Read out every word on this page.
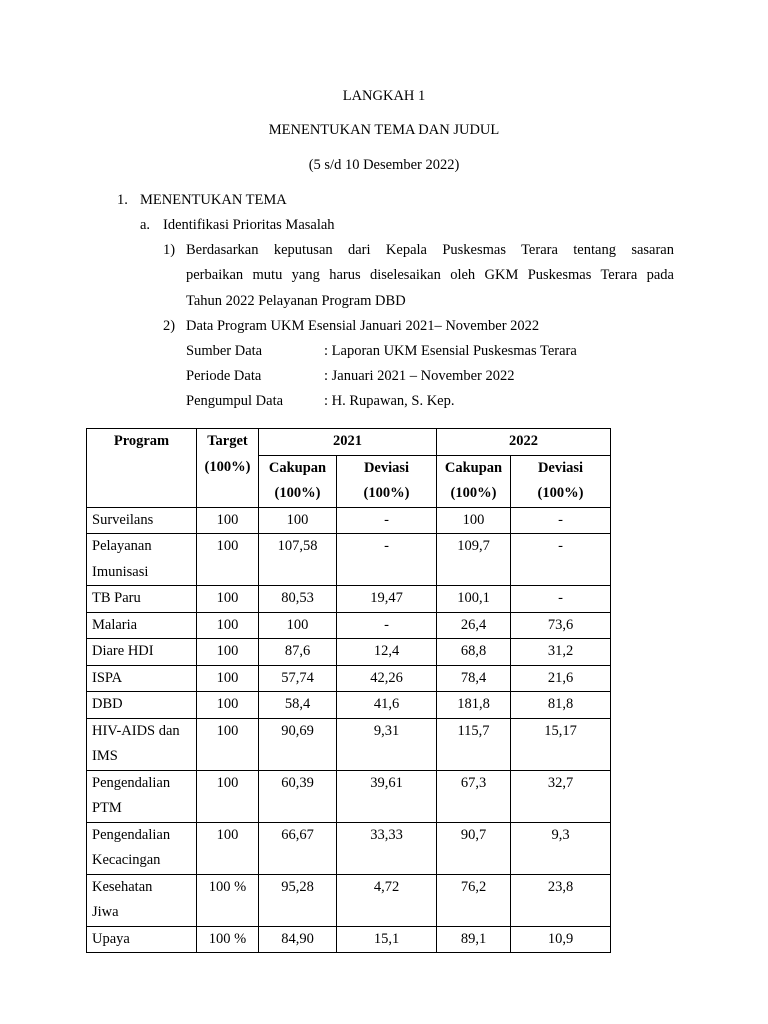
LANGKAH 1
MENENTUKAN TEMA DAN JUDUL
(5 s/d 10 Desember 2022)
1. MENENTUKAN TEMA
a. Identifikasi Prioritas Masalah
1) Berdasarkan keputusan dari Kepala Puskesmas Terara tentang sasaran
perbaikan mutu yang harus diselesaikan oleh GKM Puskesmas Terara pada
Tahun 2022 Pelayanan Program DBD
2) Data Program UKM Esensial Januari 2021– November 2022
Sumber Data	: Laporan UKM Esensial Puskesmas Terara
Periode Data	: Januari 2021 – November 2022
Pengumpul Data	: H. Rupawan, S. Kep.
Program	Target	2021		2022	
	(100%)	Cakupan	Deviasi	Cakupan	Deviasi
		(100%)	(100%)	(100%)	(100%)

Surveilans	100	100	-	100	-

Pelayanan
Imunisasi	100	107,58	-	109,7	-

TB Paru	100	80,53	19,47	100,1	-

Malaria	100	100	-	26,4	73,6

Diare HDI	100	87,6	12,4	68,8	31,2

ISPA	100	57,74	42,26	78,4	21,6

DBD	100	58,4	41,6	181,8	81,8

HIV-AIDS dan
IMS	100	90,69	9,31	115,7	15,17

Pengendalian
PTM	100	60,39	39,61	67,3	32,7

Pengendalian
Kecacingan	100	66,67	33,33	90,7	9,3

Kesehatan
Jiwa	100 %	95,28	4,72	76,2	23,8

Upaya	100 %	84,90	15,1	89,1	10,9
